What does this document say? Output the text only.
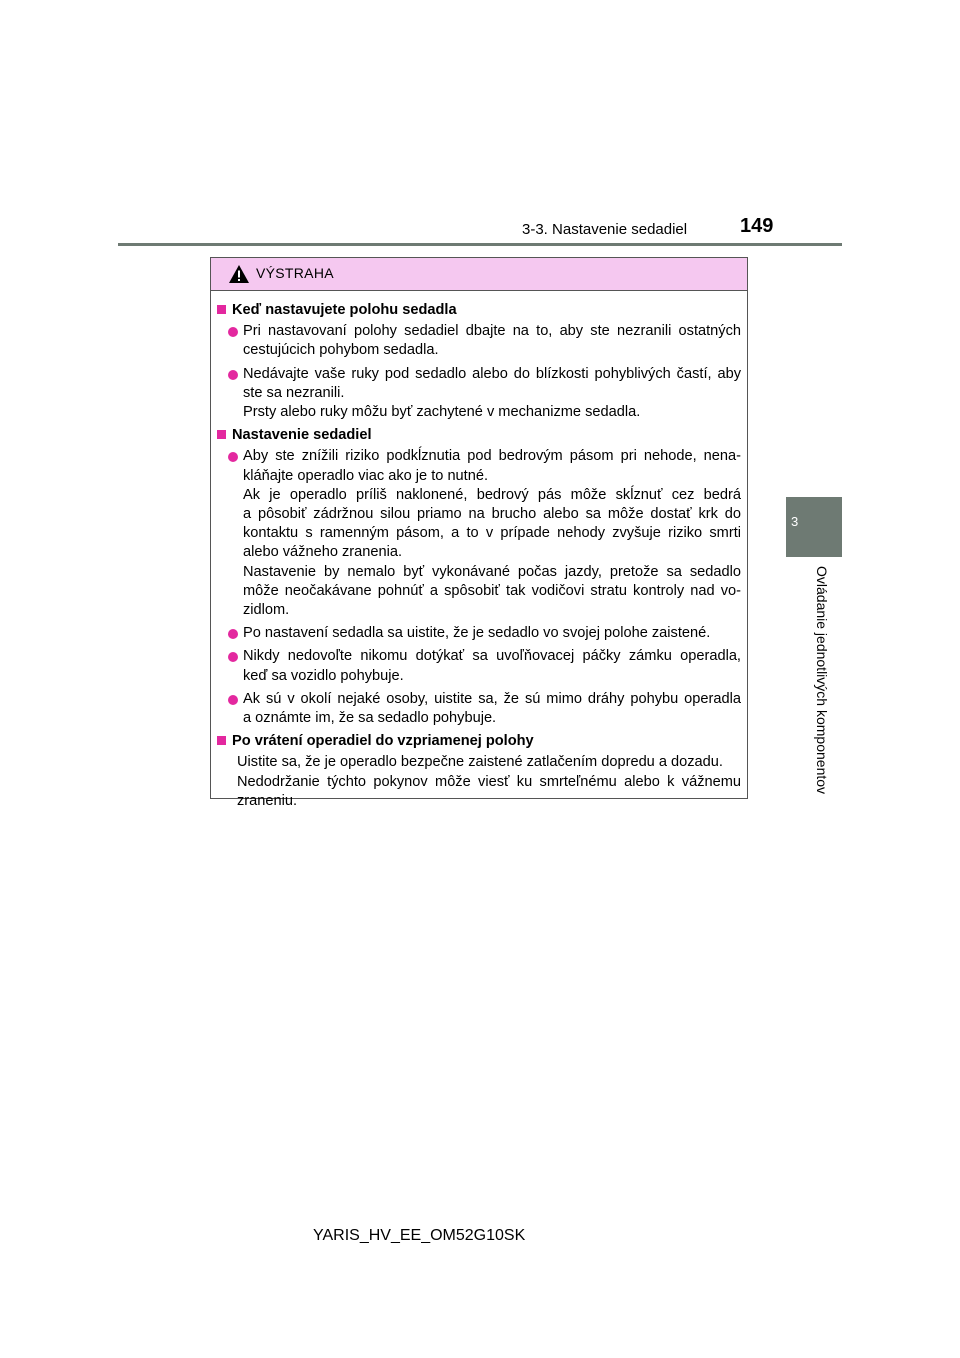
3-3. Nastavenie sedadiel	149
3
Ovládanie jednotlivých komponentov
VÝSTRAHA
Keď nastavujete polohu sedadla
Pri nastavovaní polohy sedadiel dbajte na to, aby ste nezranili ostatných
cestujúcich pohybom sedadla.
Nedávajte vaše ruky pod sedadlo alebo do blízkosti pohyblivých častí, aby
ste sa nezranili.
Prsty alebo ruky môžu byť zachytené v mechanizme sedadla.
Nastavenie sedadiel
Aby ste znížili riziko podkĺznutia pod bedrovým pásom pri nehode, nena-
kláňajte operadlo viac ako je to nutné.
Ak je operadlo príliš naklonené, bedrový pás môže skĺznuť cez bedrá
a pôsobiť zádržnou silou priamo na brucho alebo sa môže dostať krk do
kontaktu s ramenným pásom, a to v prípade nehody zvyšuje riziko smrti
alebo vážneho zranenia.
Nastavenie by nemalo byť vykonávané počas jazdy, pretože sa sedadlo
môže neočakávane pohnúť a spôsobiť tak vodičovi stratu kontroly nad vo-
zidlom.
Po nastavení sedadla sa uistite, že je sedadlo vo svojej polohe zaistené.
Nikdy nedovoľte nikomu dotýkať sa uvoľňovacej páčky zámku operadla,
keď sa vozidlo pohybuje.
Ak sú v okolí nejaké osoby, uistite sa, že sú mimo dráhy pohybu operadla
a oznámte im, že sa sedadlo pohybuje.
Po vrátení operadiel do vzpriamenej polohy
Uistite sa, že je operadlo bezpečne zaistené zatlačením dopredu a dozadu.
Nedodržanie týchto pokynov môže viesť ku smrteľnému alebo k vážnemu
zraneniu.
YARIS_HV_EE_OM52G10SK
